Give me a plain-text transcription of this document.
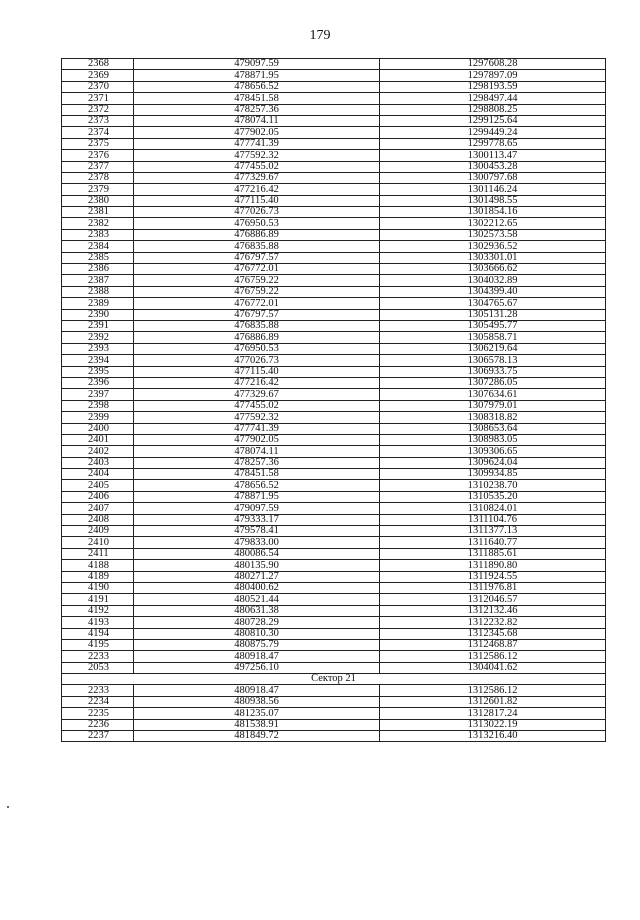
179
2368	479097.59	1297608.28
2369	478871.95	1297897.09
2370	478656.52	1298193.59
2371	478451.58	1298497.44
2372	478257.36	1298808.25
2373	478074.11	1299125.64
2374	477902.05	1299449.24
2375	477741.39	1299778.65
2376	477592.32	1300113.47
2377	477455.02	1300453.28
2378	477329.67	1300797.68
2379	477216.42	1301146.24
2380	477115.40	1301498.55
2381	477026.73	1301854.16
2382	476950.53	1302212.65
2383	476886.89	1302573.58
2384	476835.88	1302936.52
2385	476797.57	1303301.01
2386	476772.01	1303666.62
2387	476759.22	1304032.89
2388	476759.22	1304399.40
2389	476772.01	1304765.67
2390	476797.57	1305131.28
2391	476835.88	1305495.77
2392	476886.89	1305858.71
2393	476950.53	1306219.64
2394	477026.73	1306578.13
2395	477115.40	1306933.75
2396	477216.42	1307286.05
2397	477329.67	1307634.61
2398	477455.02	1307979.01
2399	477592.32	1308318.82
2400	477741.39	1308653.64
2401	477902.05	1308983.05
2402	478074.11	1309306.65
2403	478257.36	1309624.04
2404	478451.58	1309934.85
2405	478656.52	1310238.70
2406	478871.95	1310535.20
2407	479097.59	1310824.01
2408	479333.17	1311104.76
2409	479578.41	1311377.13
2410	479833.00	1311640.77
2411	480086.54	1311885.61
4188	480135.90	1311890.80
4189	480271.27	1311924.55
4190	480400.62	1311976.81
4191	480521.44	1312046.57
4192	480631.38	1312132.46
4193	480728.29	1312232.82
4194	480810.30	1312345.68
4195	480875.79	1312468.87
2233	480918.47	1312586.12
2053	497256.10	1304041.62
Сектор 21		
2233	480918.47	1312586.12
2234	480938.56	1312601.82
2235	481235.07	1312817.24
2236	481538.91	1313022.19
2237	481849.72	1313216.40
